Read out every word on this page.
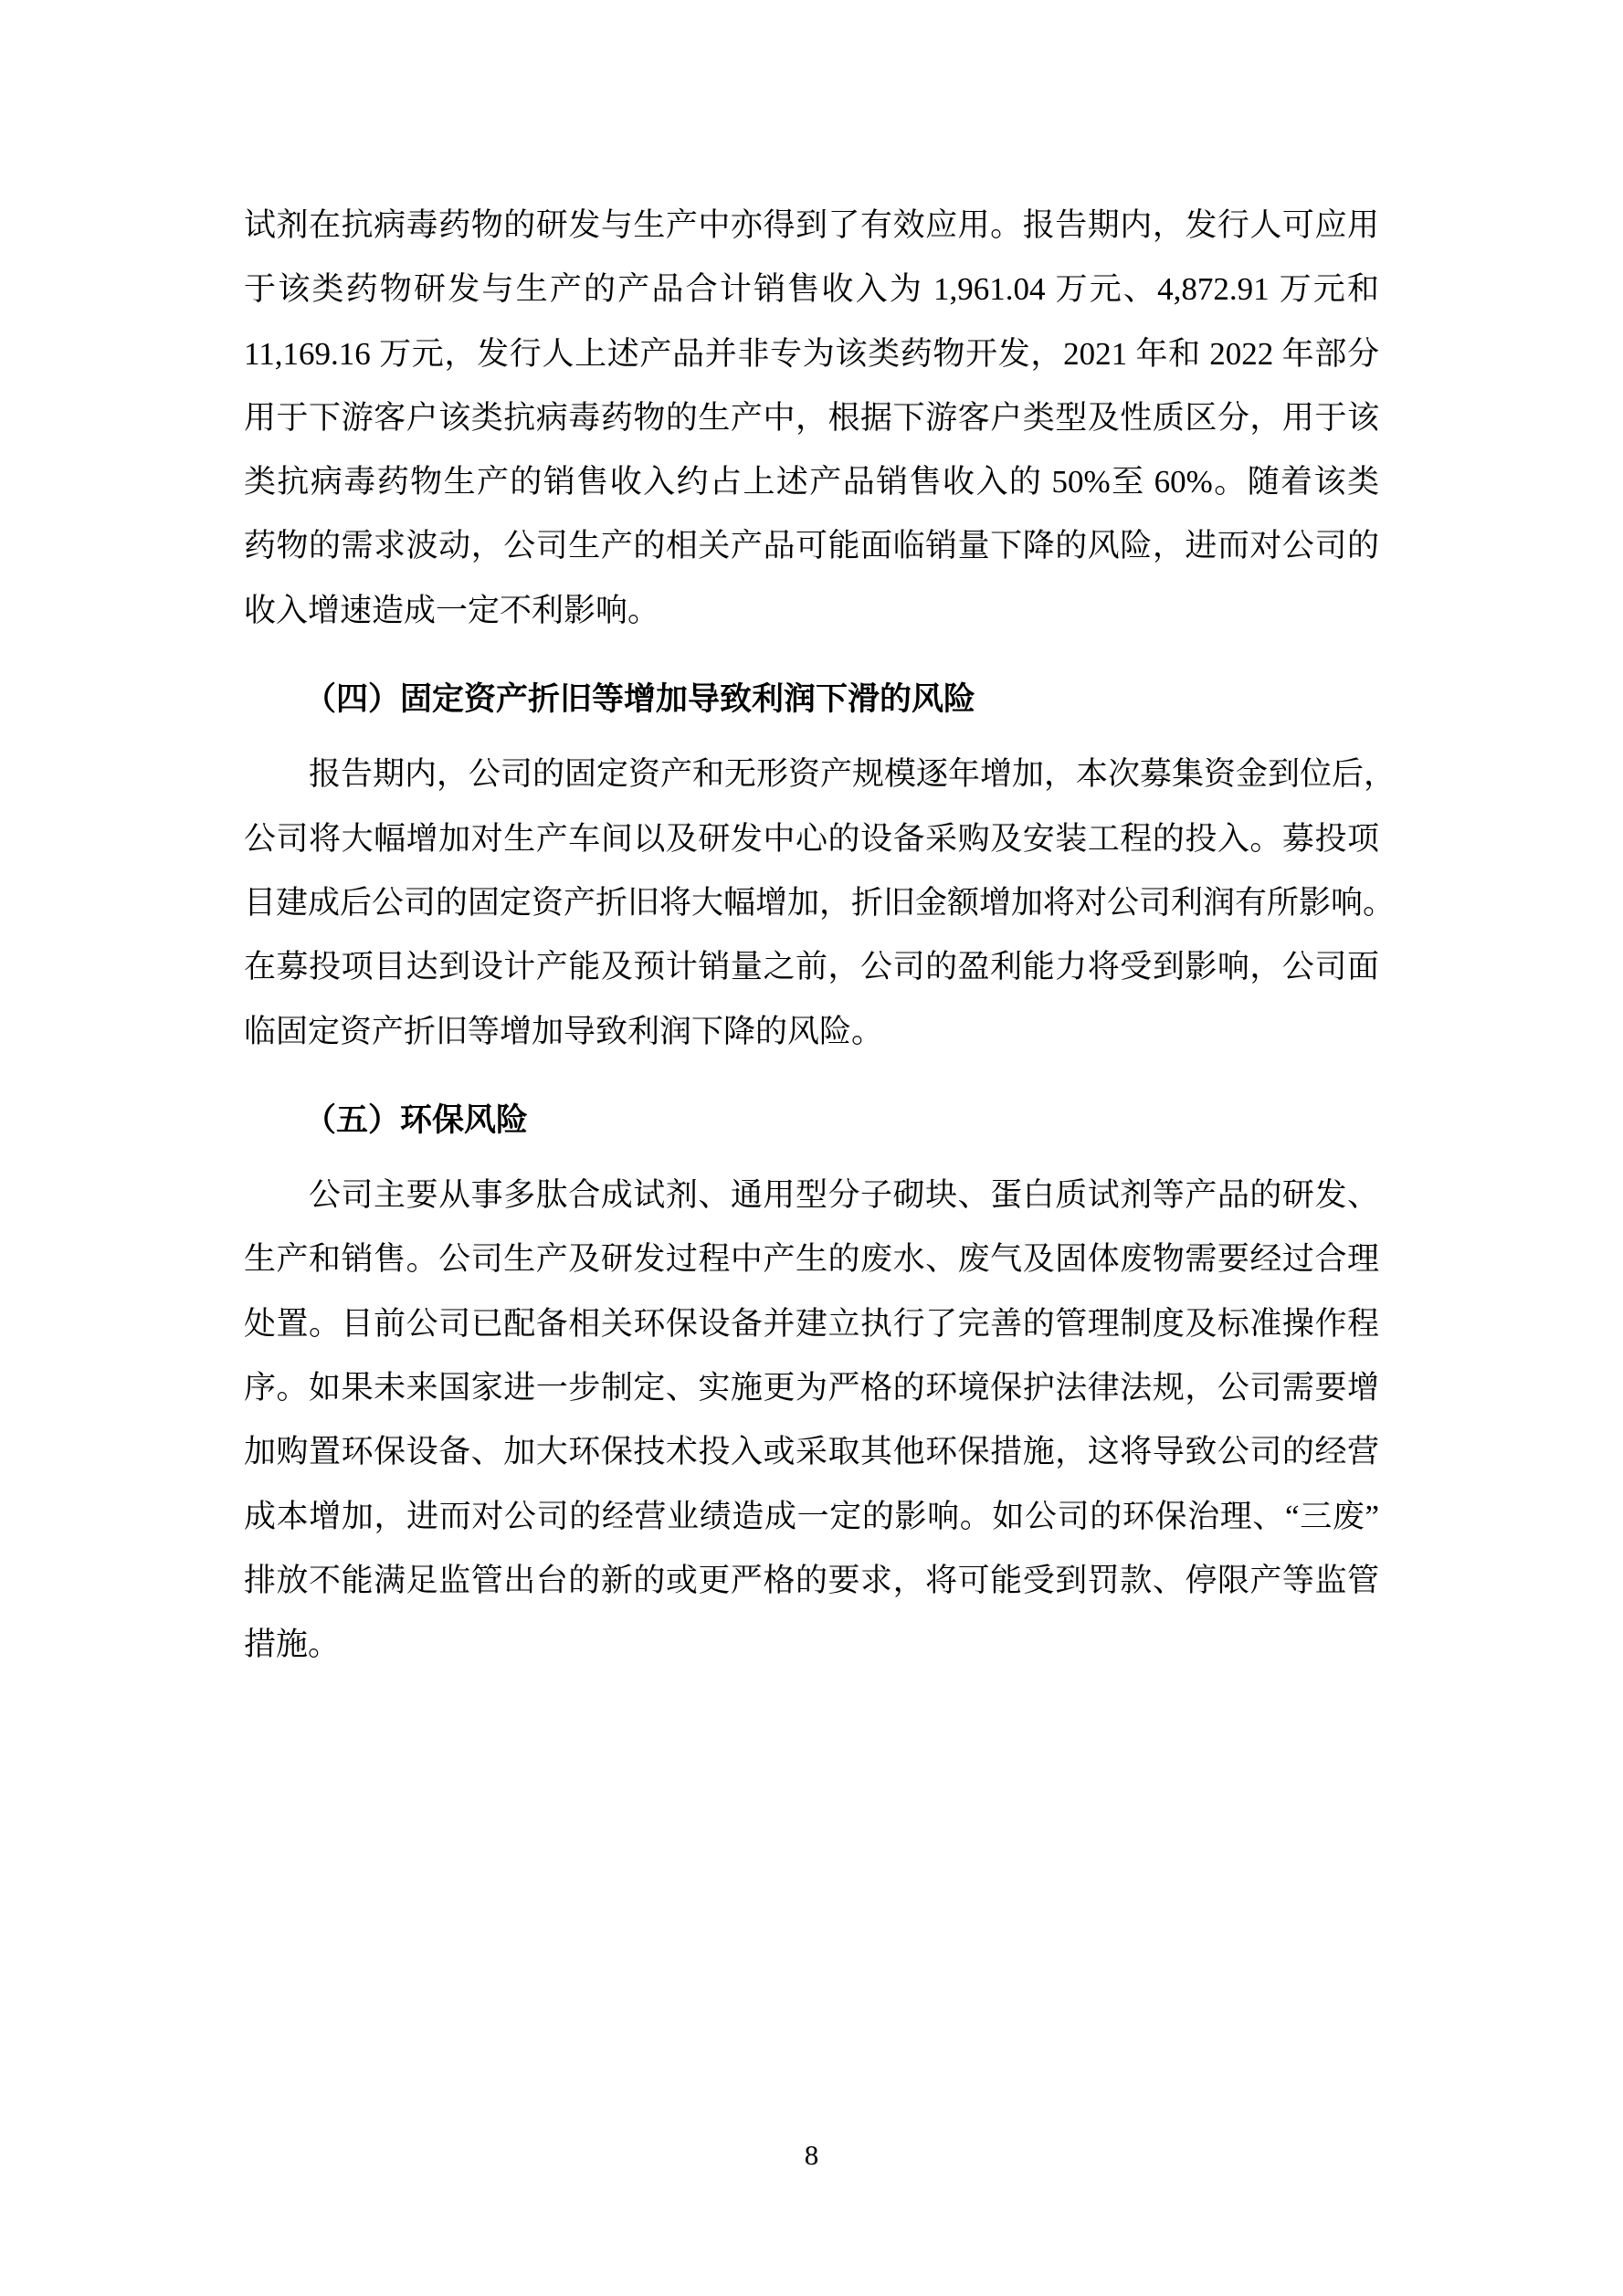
试剂在抗病毒药物的研发与生产中亦得到了有效应用。报告期内，发行人可应用
于该类药物研发与生产的产品合计销售收入为 1,961.04 万元、4,872.91 万元和
11,169.16 万元，发行人上述产品并非专为该类药物开发，2021 年和 2022 年部分
用于下游客户该类抗病毒药物的生产中，根据下游客户类型及性质区分，用于该
类抗病毒药物生产的销售收入约占上述产品销售收入的 50%至 60%。随着该类
药物的需求波动，公司生产的相关产品可能面临销量下降的风险，进而对公司的
收入增速造成一定不利影响。
（四）固定资产折旧等增加导致利润下滑的风险
报告期内，公司的固定资产和无形资产规模逐年增加，本次募集资金到位后，
公司将大幅增加对生产车间以及研发中心的设备采购及安装工程的投入。募投项
目建成后公司的固定资产折旧将大幅增加，折旧金额增加将对公司利润有所影响。
在募投项目达到设计产能及预计销量之前，公司的盈利能力将受到影响，公司面
临固定资产折旧等增加导致利润下降的风险。
（五）环保风险
公司主要从事多肽合成试剂、通用型分子砌块、蛋白质试剂等产品的研发、
生产和销售。公司生产及研发过程中产生的废水、废气及固体废物需要经过合理
处置。目前公司已配备相关环保设备并建立执行了完善的管理制度及标准操作程
序。如果未来国家进一步制定、实施更为严格的环境保护法律法规，公司需要增
加购置环保设备、加大环保技术投入或采取其他环保措施，这将导致公司的经营
成本增加，进而对公司的经营业绩造成一定的影响。如公司的环保治理、“三废”
排放不能满足监管出台的新的或更严格的要求，将可能受到罚款、停限产等监管
措施。
8
